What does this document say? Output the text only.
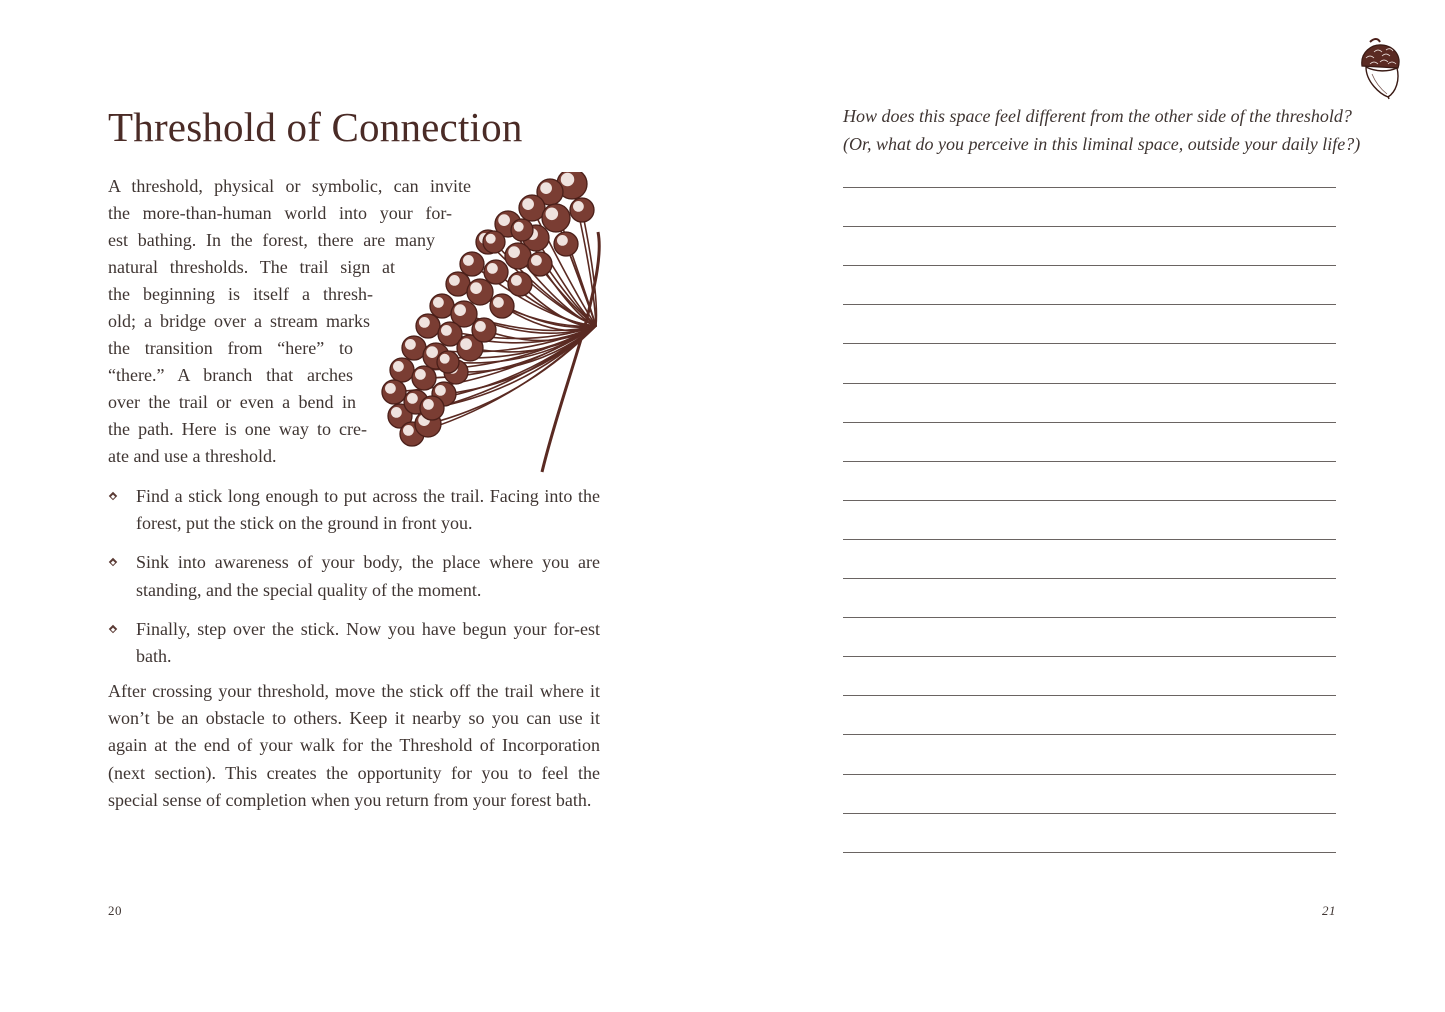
Threshold of Connection
A threshold, physical or symbolic, can invite
the more-than-human world into your for-
est bathing. In the forest, there are many
natural thresholds. The trail sign at
the beginning is itself a thresh-
old; a bridge over a stream marks
the transition from “here” to
“there.” A branch that arches
over the trail or even a bend in
the path. Here is one way to cre-
ate and use a threshold.
Find a stick long enough to put across the trail. Facing into the forest, put the stick on the ground in front you.
Sink into awareness of your body, the place where you are standing, and the special quality of the moment.
Finally, step over the stick. Now you have begun your for-est bath.

After crossing your threshold, move the stick off the trail where it won’t be an obstacle to others. Keep it nearby so you can use it again at the end of your walk for the Threshold of Incorporation (next section). This creates the opportunity for you to feel the special sense of completion when you return from your forest bath.

20

How does this space feel different from the other side of the threshold?
(Or, what do you perceive in this liminal space, outside your daily life?)

21
